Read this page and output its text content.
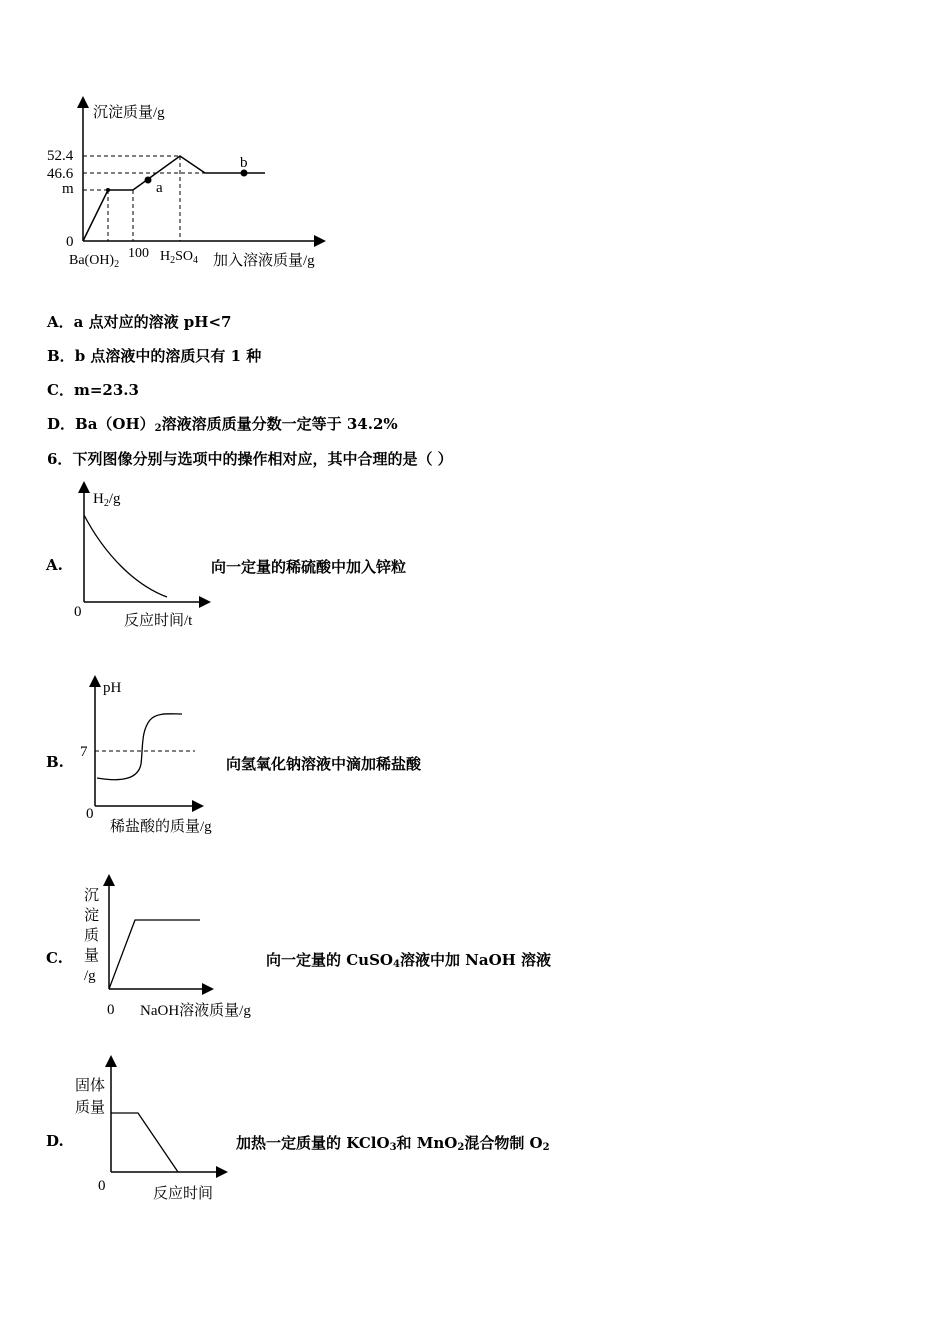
沉淀质量/g
52.4
46.6
m
0
a
b
$Ba(OH)_2$
100 $H_2SO_4$ 加入溶液质量/g
A．a 点对应的溶液 pH<7
B．b 点溶液中的溶质只有 1 种
C．m=23.3
D．$Ba(OH)_2$溶液溶质质量分数一定等于 34.2%
6．下列图像分别与选项中的操作相对应，其中合理的是（ ）
$H_2/g$
0
反应时间/t
A.	向一定量的稀硫酸中加入锌粒
pH
7
0
稀盐酸的质量/g
B.	向氢氧化钠溶液中滴加稀盐酸
沉
淀
质
量
/g
0 NaOH溶液质量/g
C.	向一定量的 CuSO$_4$溶液中加 NaOH 溶液
固体
质量
0	反应时间
D.	加热一定质量的 KClO$_3$和 MnO$_2$混合物制 $O_2$
